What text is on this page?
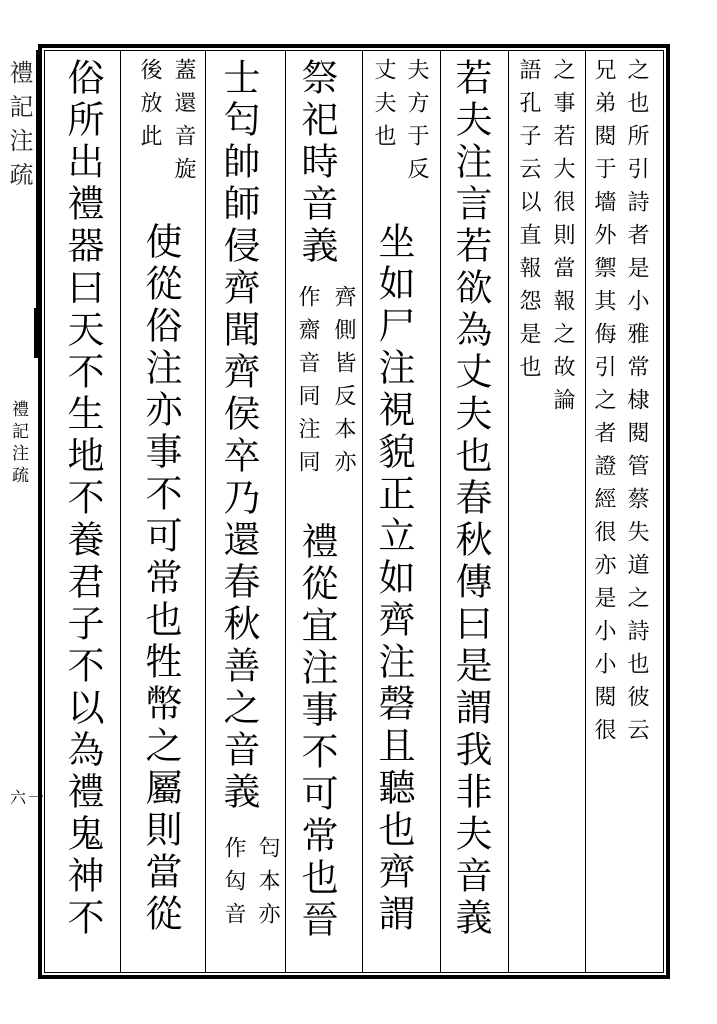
禮記注疏
禮記注疏
六一
之也所引詩者是小雅常棣閱管蔡失道之詩也彼云
兄弟閱于墻外禦其侮引之者證經很亦是小小閱很
之事若大很則當報之故論
語孔子云以直報怨是也
若夫注言若欲為丈夫也春秋傳曰是謂我非夫音義
夫方于反
丈夫也
坐如尸注視貌正立如齊注磬且聽也齊謂
祭祀時音義
齊側皆反本亦
作齋音同注同
禮從宜注事不可常也晉
士匄帥師侵齊聞齊侯卒乃還春秋善之音義
匄本亦
作匃音
蓋還音旋
後放此
使從俗注亦事不可常也牲幣之屬則當從
俗所出禮器曰天不生地不養君子不以為禮鬼神不
